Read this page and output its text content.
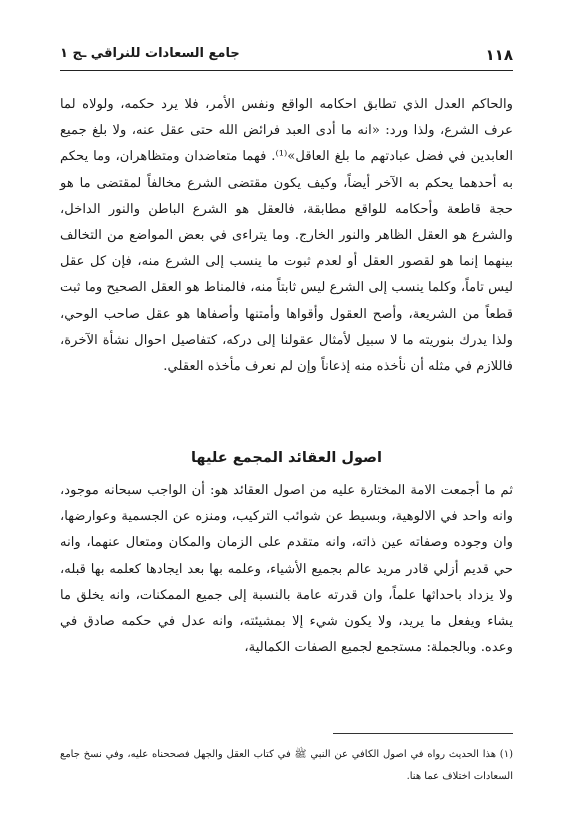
١١٨
جامع السعادات للنراقي ـج ١

والحاكم العدل الذي تطابق احكامه الواقع ونفس الأمر، فلا يرد حكمه، ولولاه لما عرف الشرع، ولذا ورد: «انه ما أدى العبد فرائض الله حتى عقل عنه، ولا بلغ جميع العابدين في فضل عبادتهم ما بلغ العاقل»⁽¹⁾. فهما متعاضدان ومتظاهران، وما يحكم به أحدهما يحكم به الآخر أيضاً، وكيف يكون مقتضى الشرع مخالفاً لمقتضى ما هو حجة قاطعة وأحكامه للواقع مطابقة، فالعقل هو الشرع الباطن والنور الداخل، والشرع هو العقل الظاهر والنور الخارج. وما يتراءى في بعض المواضع من التخالف بينهما إنما هو لقصور العقل أو لعدم ثبوت ما ينسب إلى الشرع منه، فإن كل عقل ليس تاماً، وكلما ينسب إلى الشرع ليس ثابتاً منه، فالمناط هو العقل الصحيح وما ثبت قطعاً من الشريعة، وأصح العقول وأقواها وأمتنها وأصفاها هو عقل صاحب الوحي، ولذا يدرك بنوريته ما لا سبيل لأمثال عقولنا إلى دركه، كتفاصيل احوال نشأة الآخرة، فاللازم في مثله أن نأخذه منه إذعاناً وإن لم نعرف مأخذه العقلي.

اصول العقائد المجمع عليها

ثم ما أجمعت الامة المختارة عليه من اصول العقائد هو: أن الواجب سبحانه موجود، وانه واحد في الالوهية، وبسيط عن شوائب التركيب، ومنزه عن الجسمية وعوارضها، وان وجوده وصفاته عين ذاته، وانه متقدم على الزمان والمكان ومتعال عنهما، وانه حي قديم أزلي قادر مريد عالم بجميع الأشياء، وعلمه بها بعد ايجادها كعلمه بها قبله، ولا يزداد باحداثها علماً، وان قدرته عامة بالنسبة إلى جميع الممكنات، وانه يخلق ما يشاء ويفعل ما يريد، ولا يكون شيء إلا بمشيئته، وانه عدل في حكمه صادق في وعده. وبالجملة: مستجمع لجميع الصفات الكمالية،

(١) هذا الحديث رواه في اصول الكافي عن النبي ﷺ في كتاب العقل والجهل فصححناه عليه، وفي نسخ جامع السعادات اختلاف عما هنا.
